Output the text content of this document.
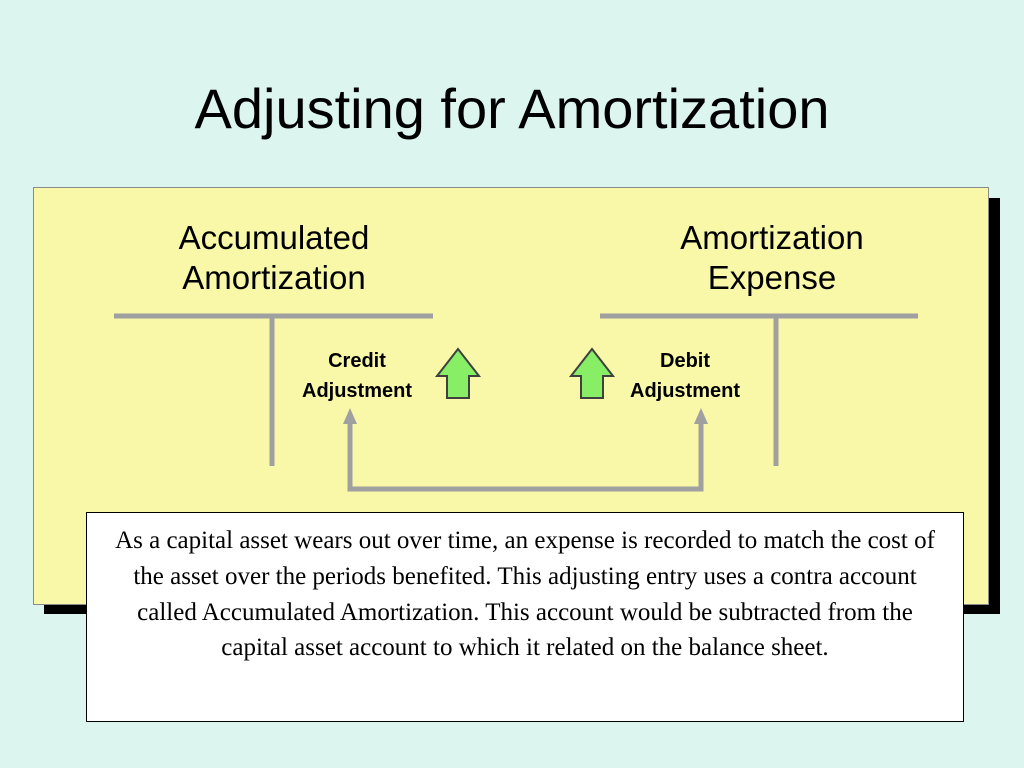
Adjusting for Amortization
Accumulated
Amortization
Amortization
Expense
Credit
Adjustment
Debit
Adjustment
As a capital asset wears out over time, an expense is recorded to match the cost of the asset over the periods benefited. This adjusting entry uses a contra account called Accumulated Amortization. This account would be subtracted from the capital asset account to which it related on the balance sheet.
